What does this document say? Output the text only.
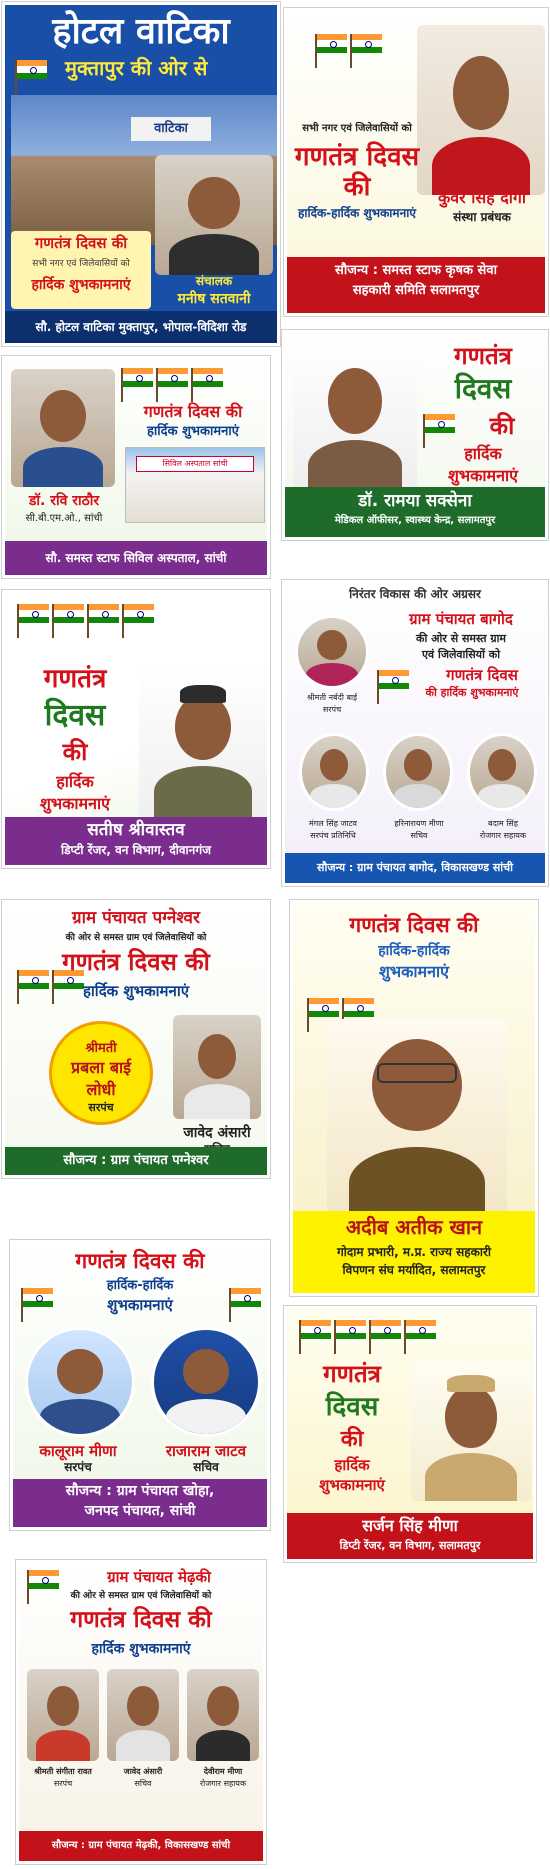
होटल वाटिका
मुक्तापुर की ओर से
वाटिका
गणतंत्र दिवस की
सभी नगर एवं जिलेवासियों को
हार्दिक शुभकामनाएं	संचालक
मनीष सतवानी
सौ. होटल वाटिका मुक्तापुर, भोपाल-विदिशा रोड

सभी नगर एवं जिलेवासियों को
गणतंत्र दिवस की
हार्दिक-हार्दिक शुभकामनाएं
कुंवर सिंह दांगी
संस्था प्रबंधक
सौजन्य : समस्त स्टाफ कृषक सेवा
सहकारी समिति सलामतपुर

गणतंत्र दिवस की
हार्दिक शुभकामनाएं
सिविल अस्पताल सांची
डॉ. रवि राठौर
सी.बी.एम.ओ., सांची
सौ. समस्त स्टाफ सिविल अस्पताल, सांची
गणतंत्र
दिवस
की
हार्दिक
शुभकामनाएं
डॉ. रामया सक्सेना
मेडिकल ऑफीसर, स्वास्थ्य केन्द्र, सलामतपुर

गणतंत्र
दिवस
की
हार्दिक
शुभकामनाएं
सतीष श्रीवास्तव
डिप्टी रेंजर, वन विभाग, दीवानगंज
निरंतर विकास की ओर अग्रसर
ग्राम पंचायत बागोद
की ओर से समस्त ग्राम
एवं जिलेवासियों को
गणतंत्र दिवस
की हार्दिक शुभकामनाएं
श्रीमती नर्बदी बाई
सरपंच
मंगल सिंह जाटव
सरपंच प्रतिनिधि
हरिनारायण मीणा
सचिव
बदाम सिंह
रोजगार सहायक
सौजन्य : ग्राम पंचायत बागोद, विकासखण्ड सांची
ग्राम पंचायत पग्नेश्वर
की ओर से समस्त ग्राम एवं जिलेवासियों को

गणतंत्र दिवस की
हार्दिक शुभकामनाएं
श्रीमती
प्रबला बाई
लोधी
सरपंच
जावेद अंसारी
सौजन्य : ग्राम पंचायत पग्नेश्वर
गणतंत्र दिवस की
हार्दिक-हार्दिक
शुभकामनाएं

अदीब अतीक खान
गोदाम प्रभारी, म.प्र. राज्य सहकारी
विपणन संघ मर्यादित, सलामतपुर
गणतंत्र दिवस की
हार्दिक-हार्दिक
शुभकामनाएं
कालूराम मीणा
सरपंच
राजाराम जाटव
सचिव
सौजन्य : ग्राम पंचायत खोहा,
जनपद पंचायत, सांची

गणतंत्र
दिवस
की
हार्दिक
शुभकामनाएं
सर्जन सिंह मीणा
डिप्टी रेंजर, वन विभाग, सलामतपुर
ग्राम पंचायत मेढ़की
की ओर से समस्त ग्राम एवं जिलेवासियों को
गणतंत्र दिवस की
हार्दिक शुभकामनाएं
श्रीमती संगीता रावत
सरपंच
जावेद अंसारी
सचिव
देवीराम मीणा
रोजगार सहायक
सौजन्य : ग्राम पंचायत मेढ़की, विकासखण्ड सांची
